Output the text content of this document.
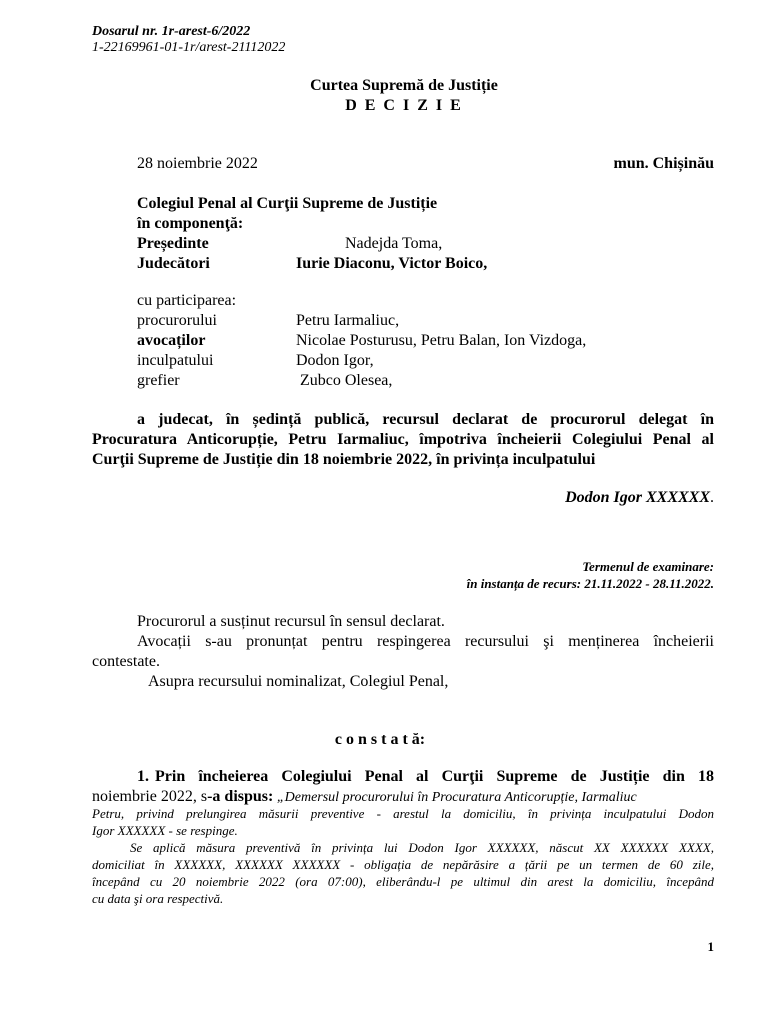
Dosarul nr. 1r-arest-6/2022
1-22169961-01-1r/arest-21112022
Curtea Supremă de Justiție
D E C I Z I E
28 noiembrie 2022	mun. Chișinău
Colegiul Penal al Curţii Supreme de Justiție
în componenţă:
Președinte	Nadejda Toma,
Judecători	Iurie Diaconu, Victor Boico,
cu participarea:
procurorului	Petru Iarmaliuc,
avocaților	Nicolae Posturusu, Petru Balan, Ion Vizdoga,
inculpatului	Dodon Igor,
grefier	Zubco Olesea,
a judecat, în ședință publică, recursul declarat de procurorul delegat în
Procuratura Anticorupție, Petru Iarmaliuc, împotriva încheierii Colegiului Penal al
Curţii Supreme de Justiție din 18 noiembrie 2022, în privința inculpatului
Dodon Igor XXXXXX.
Termenul de examinare:
în instanța de recurs: 21.11.2022 - 28.11.2022.
Procurorul a susținut recursul în sensul declarat.
Avocații s-au pronunțat pentru respingerea recursului şi menținerea încheierii
contestate.
Asupra recursului nominalizat, Colegiul Penal,
c o n s t a t ă:
1. Prin încheierea Colegiului Penal al Curţii Supreme de Justiție din 18
noiembrie 2022, s-a dispus: „Demersul procurorului în Procuratura Anticorupție, Iarmaliuc
Petru, privind prelungirea măsurii preventive - arestul la domiciliu, în privința inculpatului Dodon
Igor XXXXXX - se respinge.
Se aplică măsura preventivă în privința lui Dodon Igor XXXXXX, născut XX XXXXXX XXXX,
domiciliat în XXXXXX, XXXXXX XXXXXX - obligația de nepărăsire a țării pe un termen de 60 zile,
începând cu 20 noiembrie 2022 (ora 07:00), eliberându-l pe ultimul din arest la domiciliu, începând
cu data şi ora respectivă.
1
